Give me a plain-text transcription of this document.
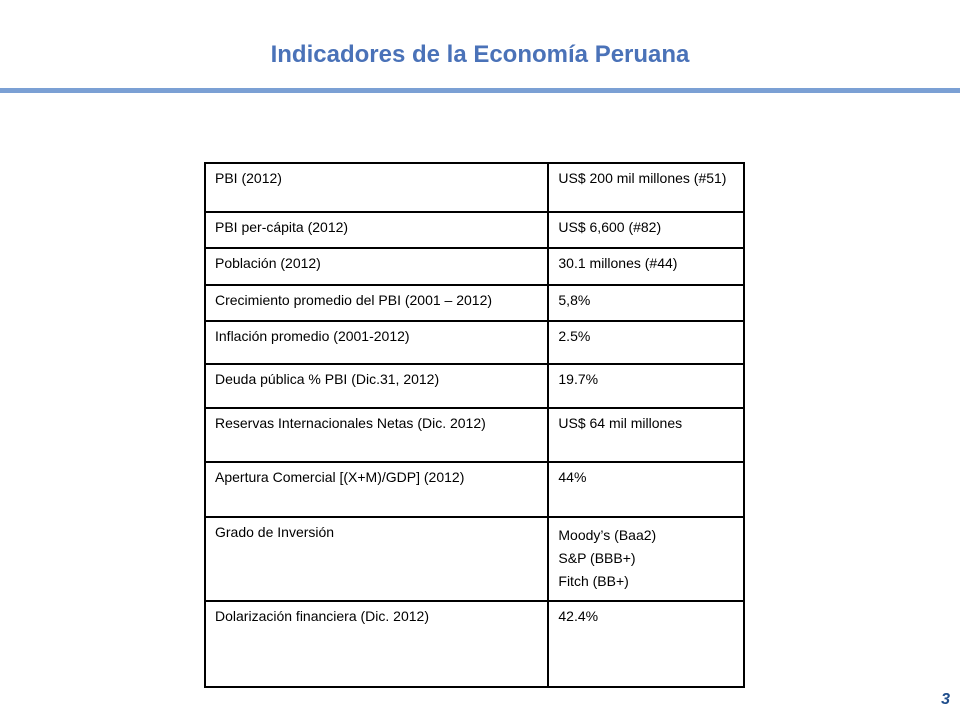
Indicadores de la Economía Peruana
PBI (2012)	US$ 200 mil millones (#51)
PBI per-cápita (2012)	US$ 6,600 (#82)
Población (2012)	30.1 millones (#44)
Crecimiento promedio del PBI (2001 – 2012)	5,8%
Inflación promedio (2001-2012)	2.5%
Deuda pública % PBI (Dic.31, 2012)	19.7%
Reservas Internacionales Netas (Dic. 2012)	US$ 64 mil millones
Apertura Comercial [(X+M)/GDP] (2012)	44%
Grado de Inversión	Moody’s (Baa2)
S&P (BBB+)
Fitch (BB+)

Dolarización financiera (Dic. 2012)	42.4%
3
